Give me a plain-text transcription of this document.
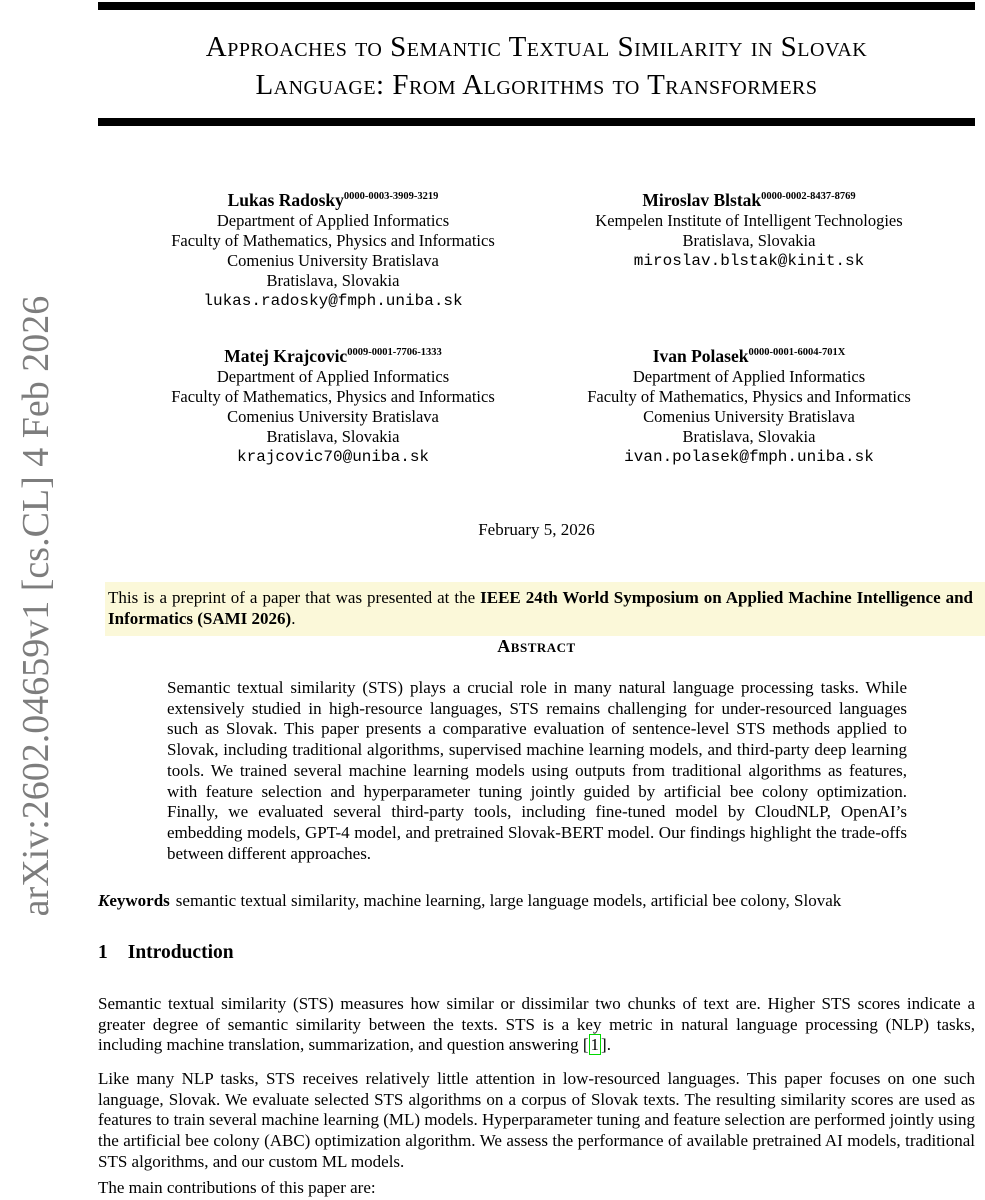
arXiv:2602.04659v1 [cs.CL] 4 Feb 2026
Approaches to Semantic Textual Similarity in Slovak
Language: From Algorithms to Transformers
Lukas Radosky$^{0000-0003-3909-3219}$
Department of Applied Informatics
Faculty of Mathematics, Physics and Informatics
Comenius University Bratislava
Bratislava, Slovakia
lukas.radosky@fmph.uniba.sk
Miroslav Blstak$^{0000-0002-8437-8769}$
Kempelen Institute of Intelligent Technologies
Bratislava, Slovakia
miroslav.blstak@kinit.sk
Matej Krajcovic$^{0009-0001-7706-1333}$
Department of Applied Informatics
Faculty of Mathematics, Physics and Informatics
Comenius University Bratislava
Bratislava, Slovakia
krajcovic70@uniba.sk
Ivan Polasek$^{0000-0001-6004-701X}$
Department of Applied Informatics
Faculty of Mathematics, Physics and Informatics
Comenius University Bratislava
Bratislava, Slovakia
ivan.polasek@fmph.uniba.sk
February 5, 2026
This is a preprint of a paper that was presented at the IEEE 24th World Symposium on Applied Machine Intelligence and Informatics (SAMI 2026).
Abstract
Semantic textual similarity (STS) plays a crucial role in many natural language processing tasks. While extensively studied in high-resource languages, STS remains challenging for under-resourced languages such as Slovak. This paper presents a comparative evaluation of sentence-level STS methods applied to Slovak, including traditional algorithms, supervised machine learning models, and third-party deep learning tools. We trained several machine learning models using outputs from traditional algorithms as features, with feature selection and hyperparameter tuning jointly guided by artificial bee colony optimization. Finally, we evaluated several third-party tools, including fine-tuned model by CloudNLP, OpenAI’s embedding models, GPT-4 model, and pretrained Slovak-BERT model. Our findings highlight the trade-offs between different approaches.
Keywords semantic textual similarity, machine learning, large language models, artificial bee colony, Slovak
1 Introduction
Semantic textual similarity (STS) measures how similar or dissimilar two chunks of text are. Higher STS scores indicate a greater degree of semantic similarity between the texts. STS is a key metric in natural language processing (NLP) tasks, including machine translation, summarization, and question answering [ 1 ].
Like many NLP tasks, STS receives relatively little attention in low-resourced languages. This paper focuses on one such language, Slovak. We evaluate selected STS algorithms on a corpus of Slovak texts. The resulting similarity scores are used as features to train several machine learning (ML) models. Hyperparameter tuning and feature selection are performed jointly using the artificial bee colony (ABC) optimization algorithm. We assess the performance of available pretrained AI models, traditional STS algorithms, and our custom ML models.
The main contributions of this paper are:
